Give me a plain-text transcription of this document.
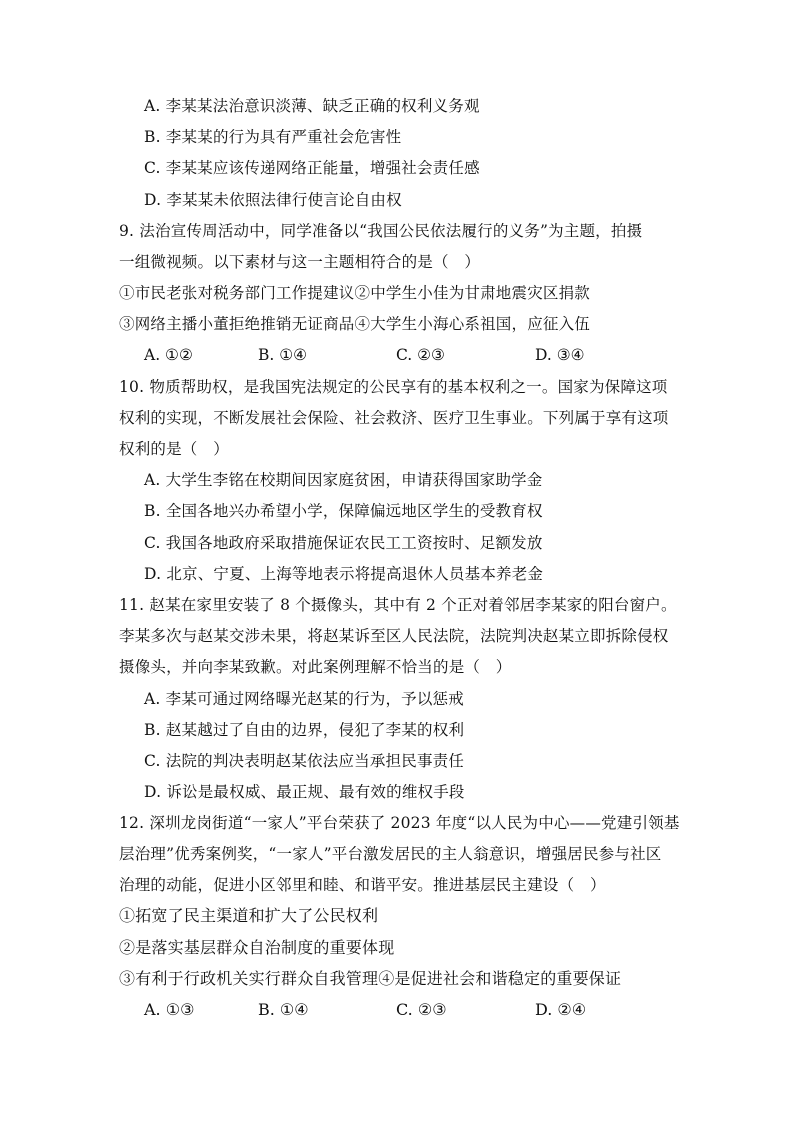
A. 李某某法治意识淡薄、缺乏正确的权利义务观
B. 李某某的行为具有严重社会危害性
C. 李某某应该传递网络正能量，增强社会责任感
D. 李某某未依照法律行使言论自由权
9. 法治宣传周活动中，同学准备以“我国公民依法履行的义务”为主题，拍摄
一组微视频。以下素材与这一主题相符合的是（　）
①市民老张对税务部门工作提建议②中学生小佳为甘肃地震灾区捐款
③网络主播小董拒绝推销无证商品④大学生小海心系祖国，应征入伍
A. ①②	B. ①④	C. ②③	D. ③④
10. 物质帮助权，是我国宪法规定的公民享有的基本权利之一。国家为保障这项
权利的实现，不断发展社会保险、社会救济、医疗卫生事业。下列属于享有这项
权利的是（　）
A. 大学生李铭在校期间因家庭贫困，申请获得国家助学金
B. 全国各地兴办希望小学，保障偏远地区学生的受教育权
C. 我国各地政府采取措施保证农民工工资按时、足额发放
D. 北京、宁夏、上海等地表示将提高退休人员基本养老金
11. 赵某在家里安装了 8 个摄像头，其中有 2 个正对着邻居李某家的阳台窗户。
李某多次与赵某交涉未果，将赵某诉至区人民法院，法院判决赵某立即拆除侵权
摄像头，并向李某致歉。对此案例理解不恰当的是（　）
A. 李某可通过网络曝光赵某的行为，予以惩戒
B. 赵某越过了自由的边界，侵犯了李某的权利
C. 法院的判决表明赵某依法应当承担民事责任
D. 诉讼是最权威、最正规、最有效的维权手段
12. 深圳龙岗街道“一家人”平台荣获了 2023 年度“以人民为中心——党建引领基
层治理”优秀案例奖，“一家人”平台激发居民的主人翁意识，增强居民参与社区
治理的动能，促进小区邻里和睦、和谐平安。推进基层民主建设（　）
①拓宽了民主渠道和扩大了公民权利
②是落实基层群众自治制度的重要体现
③有利于行政机关实行群众自我管理④是促进社会和谐稳定的重要保证
A. ①③	B. ①④	C. ②③	D. ②④
